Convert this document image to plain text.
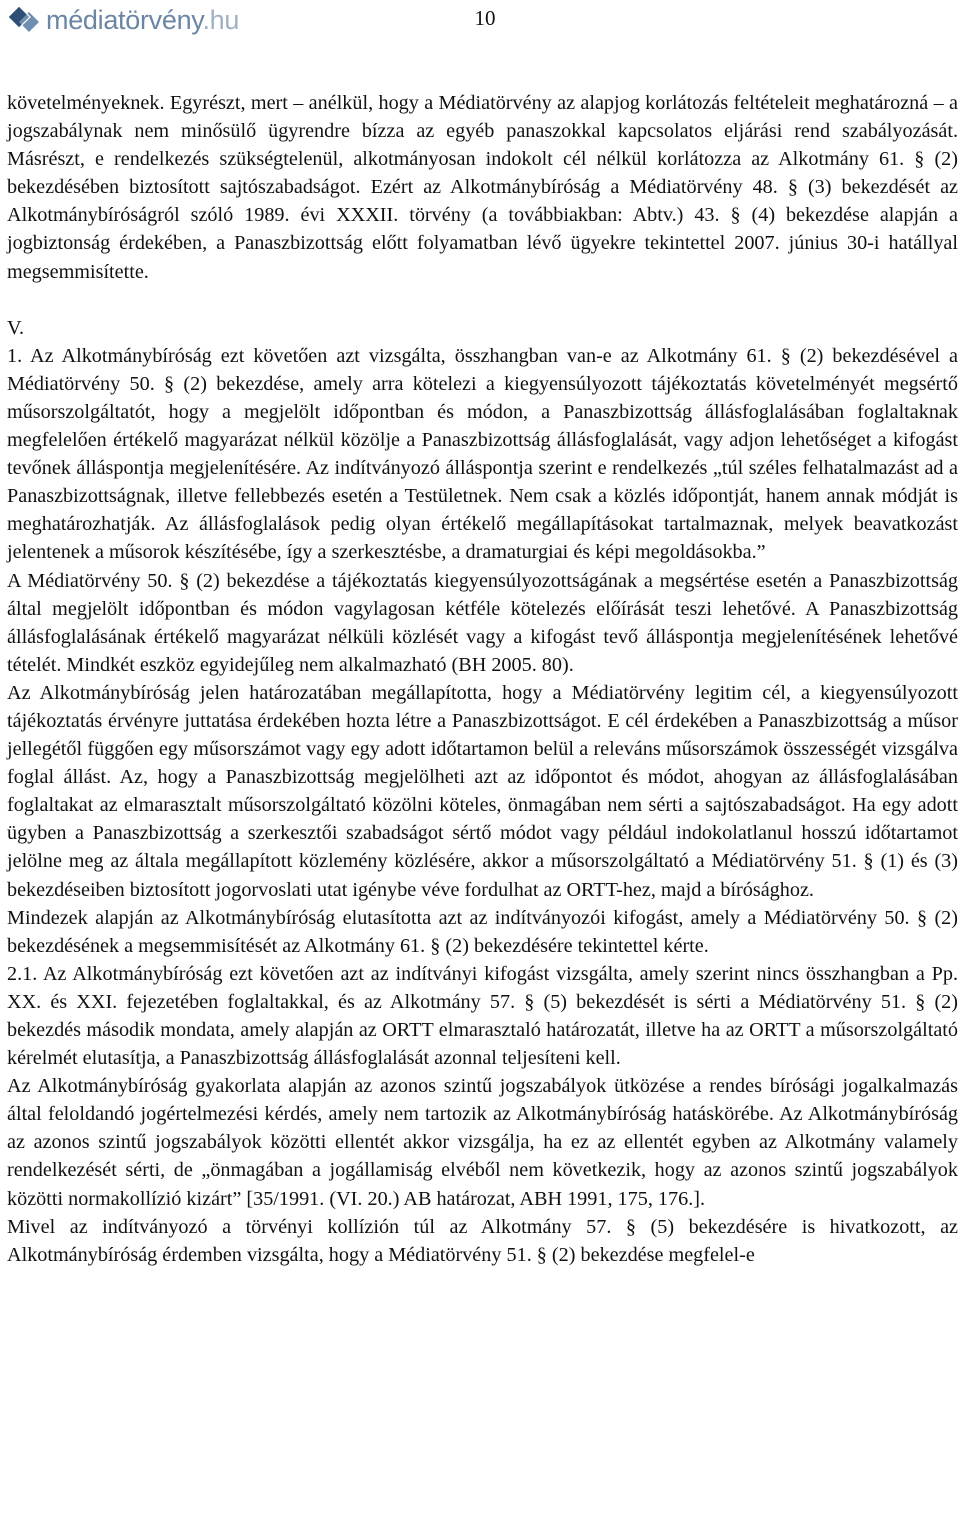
médiatörvény.hu	10

követelményeknek. Egyrészt, mert – anélkül, hogy a Médiatörvény az alapjog korlátozás feltételeit meghatározná – a jogszabálynak nem minősülő ügyrendre bízza az egyéb panaszokkal kapcsolatos eljárási rend szabályozását. Másrészt, e rendelkezés szükségtelenül, alkotmányosan indokolt cél nélkül korlátozza az Alkotmány 61. § (2) bekezdésében biztosított sajtószabadságot. Ezért az Alkotmánybíróság a Médiatörvény 48. § (3) bekezdését az Alkotmánybíróságról szóló 1989. évi XXXII. törvény (a továbbiakban: Abtv.) 43. § (4) bekezdése alapján a jogbiztonság érdekében, a Panaszbizottság előtt folyamatban lévő ügyekre tekintettel 2007. június 30-i hatállyal megsemmisítette.

V.

1. Az Alkotmánybíróság ezt követően azt vizsgálta, összhangban van-e az Alkotmány 61. § (2) bekezdésével a Médiatörvény 50. § (2) bekezdése, amely arra kötelezi a kiegyensúlyozott tájékoztatás követelményét megsértő műsorszolgáltatót, hogy a megjelölt időpontban és módon, a Panaszbizottság állásfoglalásában foglaltaknak megfelelően értékelő magyarázat nélkül közölje a Panaszbizottság állásfoglalását, vagy adjon lehetőséget a kifogást tevőnek álláspontja megjelenítésére. Az indítványozó álláspontja szerint e rendelkezés „túl széles felhatalmazást ad a Panaszbizottságnak, illetve fellebbezés esetén a Testületnek. Nem csak a közlés időpontját, hanem annak módját is meghatározhatják. Az állásfoglalások pedig olyan értékelő megállapításokat tartalmaznak, melyek beavatkozást jelentenek a műsorok készítésébe, így a szerkesztésbe, a dramaturgiai és képi megoldásokba.”

A Médiatörvény 50. § (2) bekezdése a tájékoztatás kiegyensúlyozottságának a megsértése esetén a Panaszbizottság által megjelölt időpontban és módon vagylagosan kétféle kötelezés előírását teszi lehetővé. A Panaszbizottság állásfoglalásának értékelő magyarázat nélküli közlését vagy a kifogást tevő álláspontja megjelenítésének lehetővé tételét. Mindkét eszköz egyidejűleg nem alkalmazható (BH 2005. 80).

Az Alkotmánybíróság jelen határozatában megállapította, hogy a Médiatörvény legitim cél, a kiegyensúlyozott tájékoztatás érvényre juttatása érdekében hozta létre a Panaszbizottságot. E cél érdekében a Panaszbizottság a műsor jellegétől függően egy műsorszámot vagy egy adott időtartamon belül a releváns műsorszámok összességét vizsgálva foglal állást. Az, hogy a Panaszbizottság megjelölheti azt az időpontot és módot, ahogyan az állásfoglalásában foglaltakat az elmarasztalt műsorszolgáltató közölni köteles, önmagában nem sérti a sajtószabadságot. Ha egy adott ügyben a Panaszbizottság a szerkesztői szabadságot sértő módot vagy például indokolatlanul hosszú időtartamot jelölne meg az általa megállapított közlemény közlésére, akkor a műsorszolgáltató a Médiatörvény 51. § (1) és (3) bekezdéseiben biztosított jogorvoslati utat igénybe véve fordulhat az ORTT-hez, majd a bírósághoz.

Mindezek alapján az Alkotmánybíróság elutasította azt az indítványozói kifogást, amely a Médiatörvény 50. § (2) bekezdésének a megsemmisítését az Alkotmány 61. § (2) bekezdésére tekintettel kérte.

2.1. Az Alkotmánybíróság ezt követően azt az indítványi kifogást vizsgálta, amely szerint nincs összhangban a Pp. XX. és XXI. fejezetében foglaltakkal, és az Alkotmány 57. § (5) bekezdését is sérti a Médiatörvény 51. § (2) bekezdés második mondata, amely alapján az ORTT elmarasztaló határozatát, illetve ha az ORTT a műsorszolgáltató kérelmét elutasítja, a Panaszbizottság állásfoglalását azonnal teljesíteni kell.

Az Alkotmánybíróság gyakorlata alapján az azonos szintű jogszabályok ütközése a rendes bírósági jogalkalmazás által feloldandó jogértelmezési kérdés, amely nem tartozik az Alkotmánybíróság hatáskörébe. Az Alkotmánybíróság az azonos szintű jogszabályok közötti ellentét akkor vizsgálja, ha ez az ellentét egyben az Alkotmány valamely rendelkezését sérti, de „önmagában a jogállamiság elvéből nem következik, hogy az azonos szintű jogszabályok közötti normakollízió kizárt” [35/1991. (VI. 20.) AB határozat, ABH 1991, 175, 176.].

Mivel az indítványozó a törvényi kollízión túl az Alkotmány 57. § (5) bekezdésére is hivatkozott, az Alkotmánybíróság érdemben vizsgálta, hogy a Médiatörvény 51. § (2) bekezdése megfelel-e
